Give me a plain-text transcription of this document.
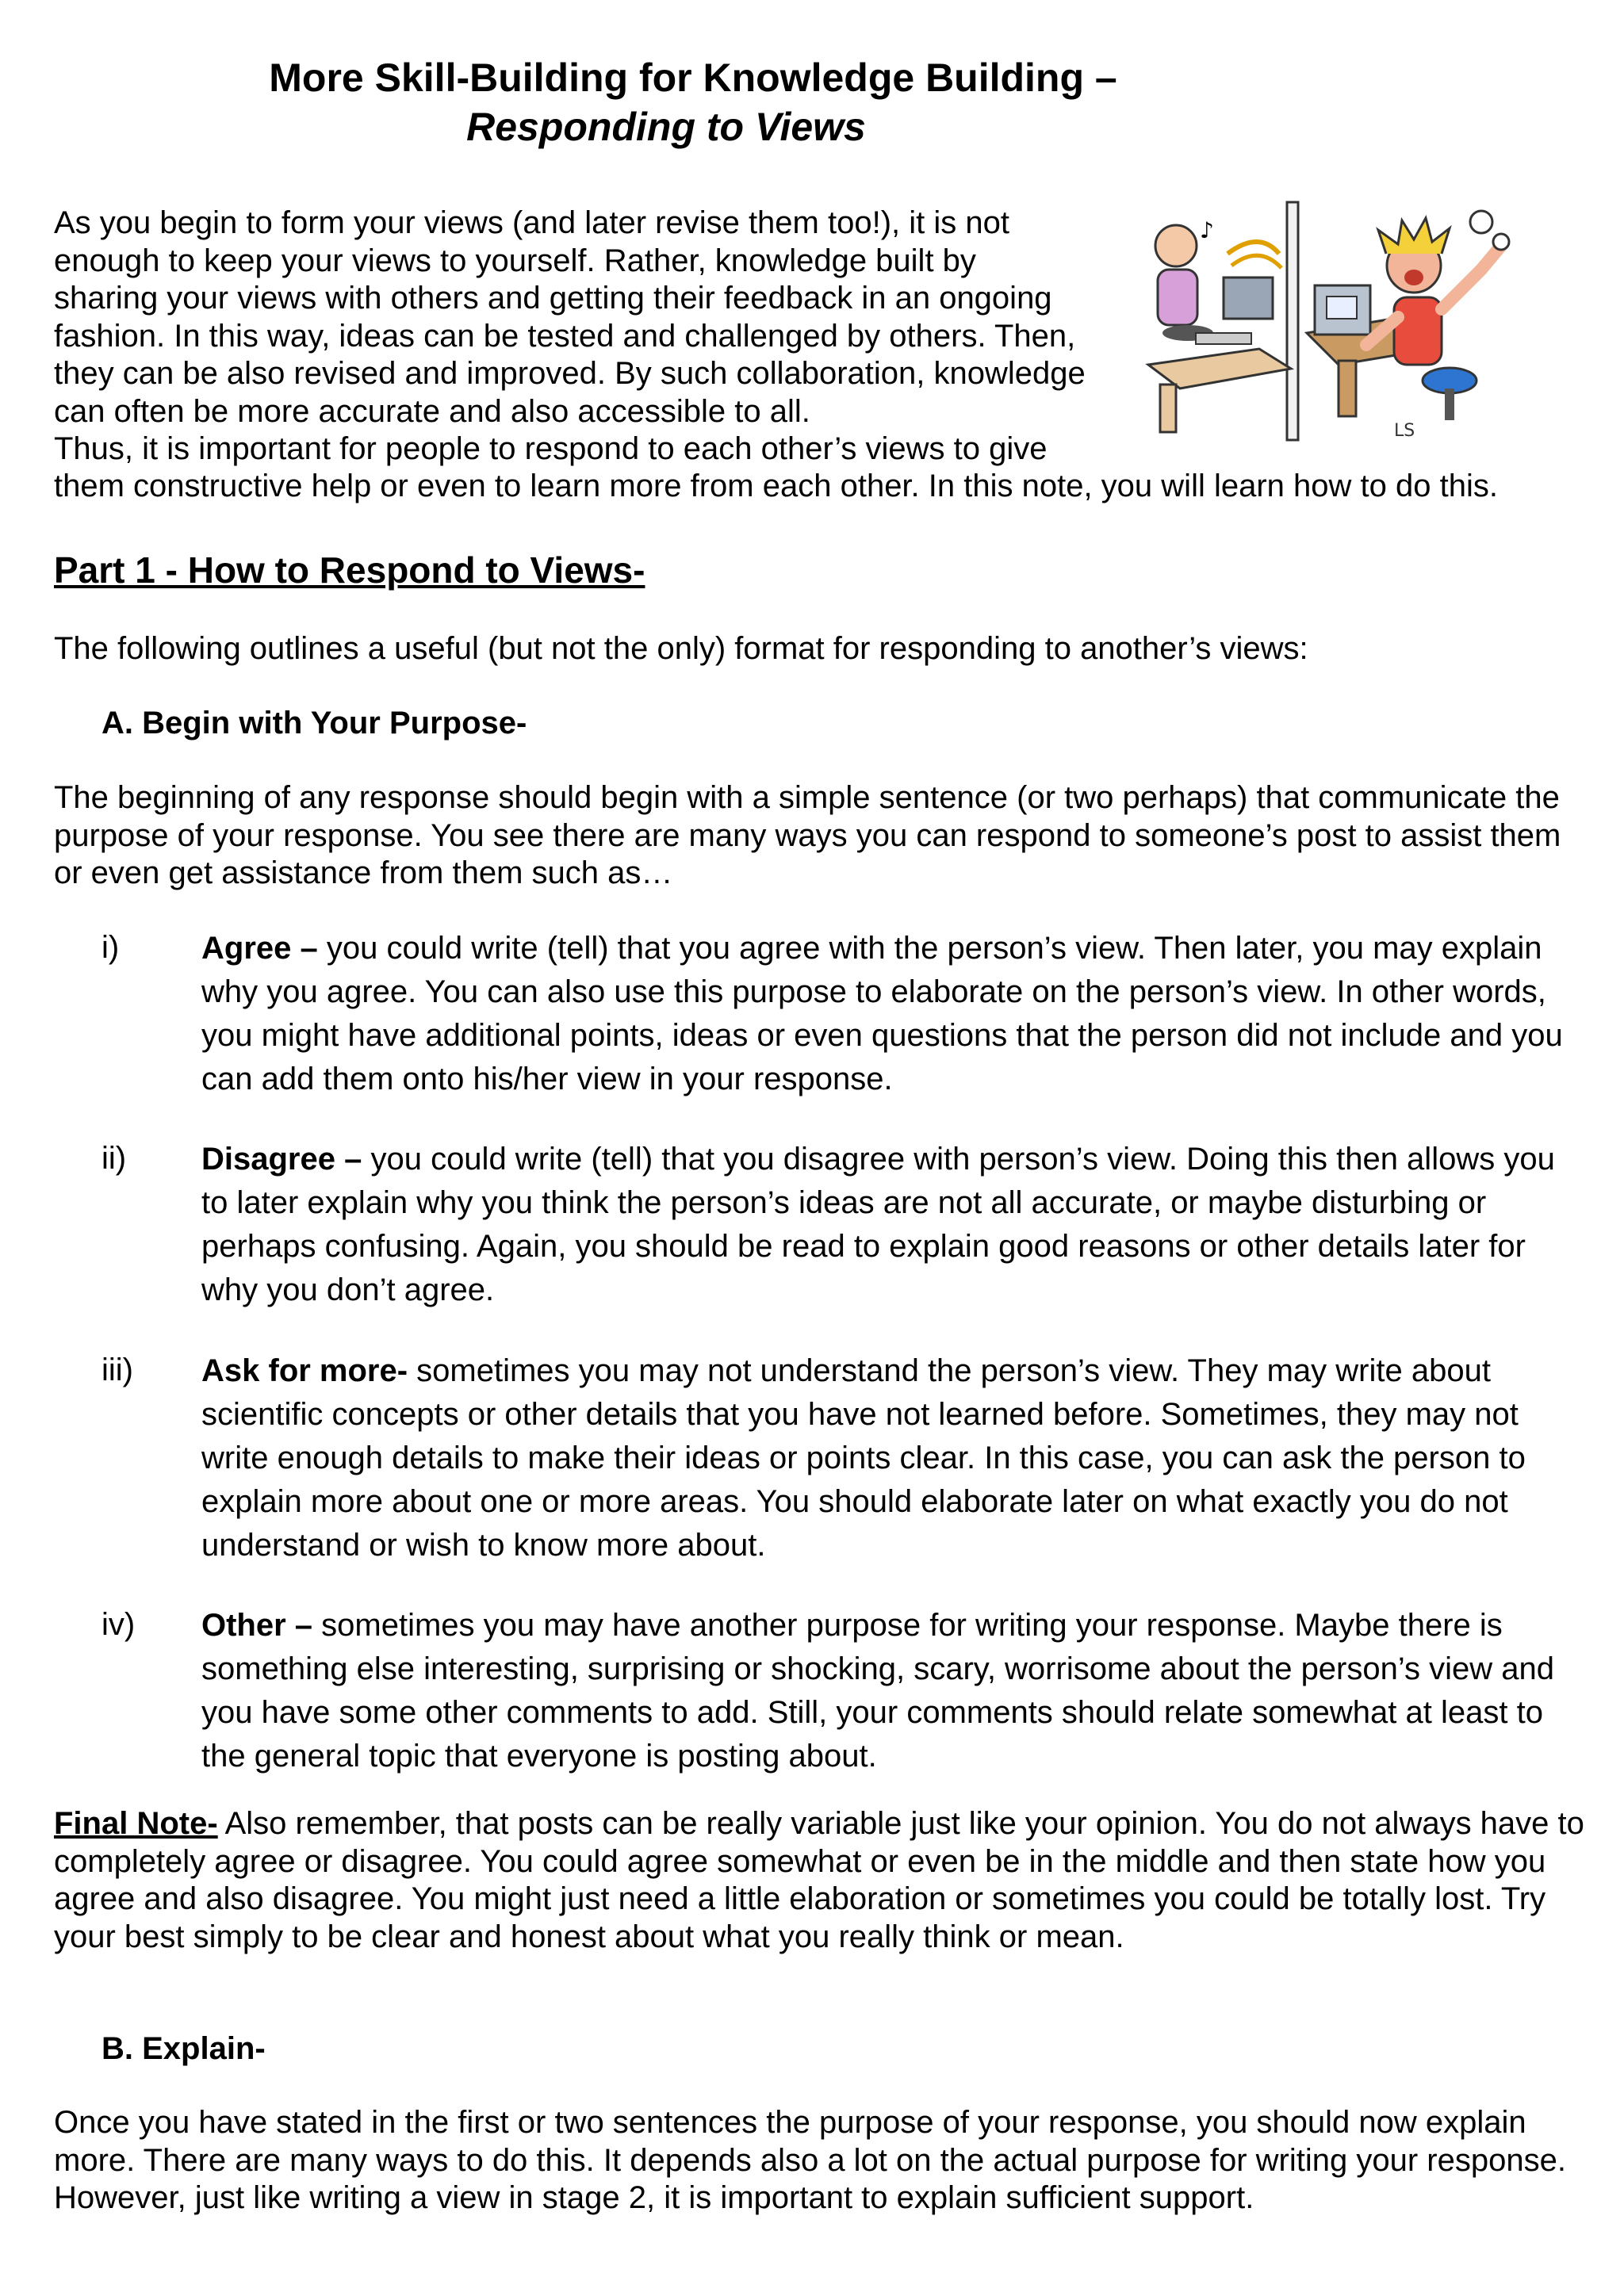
More Skill-Building for Knowledge Building –
Responding to Views
As you begin to form your views (and later revise them too!), it is not
enough to keep your views to yourself. Rather, knowledge built by
sharing your views with others and getting their feedback in an ongoing
fashion. In this way, ideas can be tested and challenged by others. Then,
they can be also revised and improved. By such collaboration, knowledge
can often be more accurate and also accessible to all.
Thus, it is important for people to respond to each other’s views to give
them constructive help or even to learn more from each other. In this note, you will learn how to do this.
♪
LS
Part 1 - How to Respond to Views-
The following outlines a useful (but not the only) format for responding to another’s views:
A. Begin with Your Purpose-
The beginning of any response should begin with a simple sentence (or two perhaps) that communicate the purpose of your response. You see there are many ways you can respond to someone’s post to assist them or even get assistance from them such as…
i)	Agree – you could write (tell) that you agree with the person’s view. Then later, you may explain why you agree. You can also use this purpose to elaborate on the person’s view. In other words, you might have additional points, ideas or even questions that the person did not include and you can add them onto his/her view in your response.
ii) Disagree – you could write (tell) that you disagree with person’s view. Doing this then allows you to later explain why you think the person’s ideas are not all accurate, or maybe disturbing or perhaps confusing. Again, you should be read to explain good reasons or other details later for why you don’t agree.
iii) Ask for more- sometimes you may not understand the person’s view. They may write about scientific concepts or other details that you have not learned before. Sometimes, they may not write enough details to make their ideas or points clear. In this case, you can ask the person to explain more about one or more areas. You should elaborate later on what exactly you do not understand or wish to know more about.
iv) Other – sometimes you may have another purpose for writing your response. Maybe there is something else interesting, surprising or shocking, scary, worrisome about the person’s view and you have some other comments to add. Still, your comments should relate somewhat at least to the general topic that everyone is posting about.
Final Note- Also remember, that posts can be really variable just like your opinion. You do not always have to completely agree or disagree. You could agree somewhat or even be in the middle and then state how you agree and also disagree. You might just need a little elaboration or sometimes you could be totally lost. Try your best simply to be clear and honest about what you really think or mean.
B. Explain-
Once you have stated in the first or two sentences the purpose of your response, you should now explain more. There are many ways to do this. It depends also a lot on the actual purpose for writing your response. However, just like writing a view in stage 2, it is important to explain sufficient support.
